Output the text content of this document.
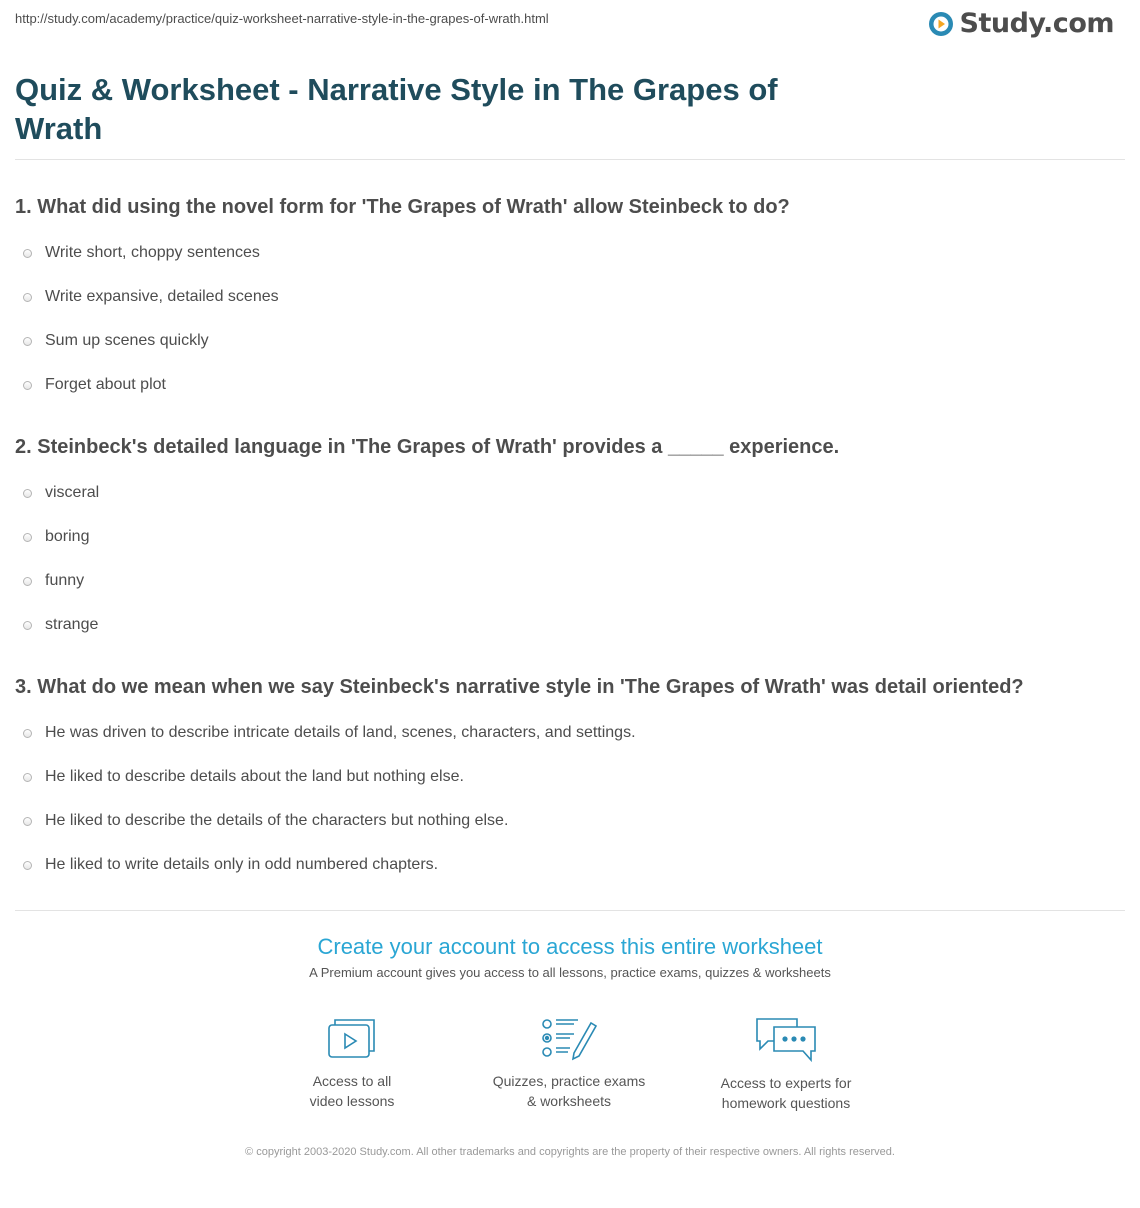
http://study.com/academy/practice/quiz-worksheet-narrative-style-in-the-grapes-of-wrath.html	Study.com
Quiz & Worksheet - Narrative Style in The Grapes of Wrath

1. What did using the novel form for 'The Grapes of Wrath' allow Steinbeck to do?

Write short, choppy sentences
Write expansive, detailed scenes
Sum up scenes quickly
Forget about plot

2. Steinbeck's detailed language in 'The Grapes of Wrath' provides a _____ experience.

visceral
boring
funny
strange

3. What do we mean when we say Steinbeck's narrative style in 'The Grapes of Wrath' was detail oriented?

He was driven to describe intricate details of land, scenes, characters, and settings.
He liked to describe details about the land but nothing else.
He liked to describe the details of the characters but nothing else.
He liked to write details only in odd numbered chapters.
Create your account to access this entire worksheet
A Premium account gives you access to all lessons, practice exams, quizzes & worksheets
Access to all
video lessons
Quizzes, practice exams
& worksheets
Access to experts for
homework questions
© copyright 2003-2020 Study.com. All other trademarks and copyrights are the property of their respective owners. All rights reserved.
